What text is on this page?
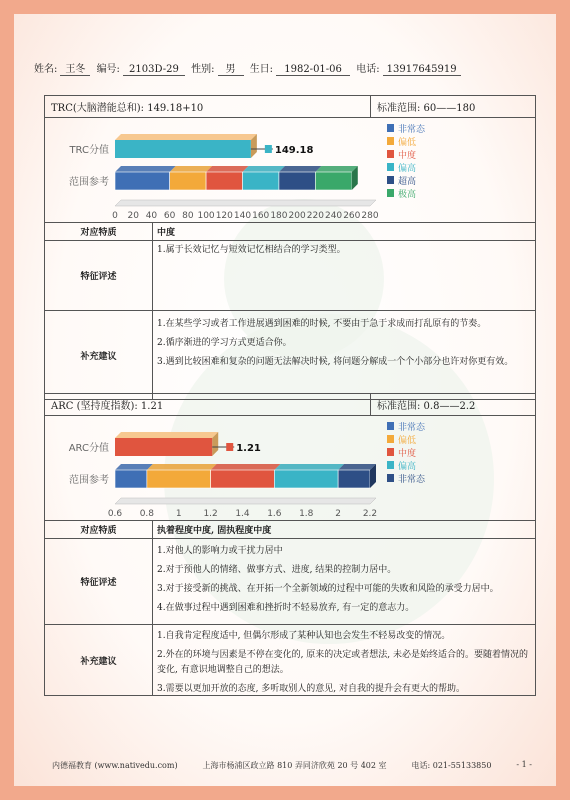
姓名: 王冬 编号: 2103D-29 性别: 男 生日: 1982-01-06 电话: 13917645919
TRC(大脑潜能总和): 149.18+10	标准范围: 60——180
TRC分值
范围参考
149.18
0 20 40 60 80 100 120 140 160 180 200 220 240 260 280
非常态
偏低
中度
偏高
超高
极高
对应特质	中度
特征评述
1.属于长效记忆与短效记忆相结合的学习类型。
补充建议
1.在某些学习或者工作进展遇到困难的时候, 不要由于急于求成而打乱原有的节奏。
2.循序渐进的学习方式更适合你。
3.遇到比较困难和复杂的问题无法解决时候, 将问题分解成一个个小部分也许对你更有效。
ARC (坚持度指数): 1.21	标准范围: 0.8——2.2
ARC分值
范围参考
1.21
0.6 0.8 1 1.2 1.4 1.6 1.8 2 2.2
非常态
偏低
中度
偏高
非常态
对应特质	执着程度中度, 固执程度中度
特征评述
1.对他人的影响力或干扰力居中
2.对于预他人的情绪、做事方式、进度, 结果的控制力居中。
3.对于接受新的挑战、在开拓一个全新领域的过程中可能的失败和风险的承受力居中。
4.在做事过程中遇到困难和挫折时不轻易放弃, 有一定的意志力。
补充建议
1.自我肯定程度适中, 但偶尔形成了某种认知也会发生不轻易改变的情况。
2.外在的环境与因素是不停在变化的, 原来的决定或者想法, 未必是始终适合的。要随着情况的变化, 有意识地调整自己的想法。
3.需要以更加开放的态度, 多听取别人的意见, 对自我的提升会有更大的帮助。
内德福教育 (www.nativedu.com)	上海市杨浦区政立路 810 弄同济欣苑 20 号 402 室	电话: 021-55133850	- 1 -
